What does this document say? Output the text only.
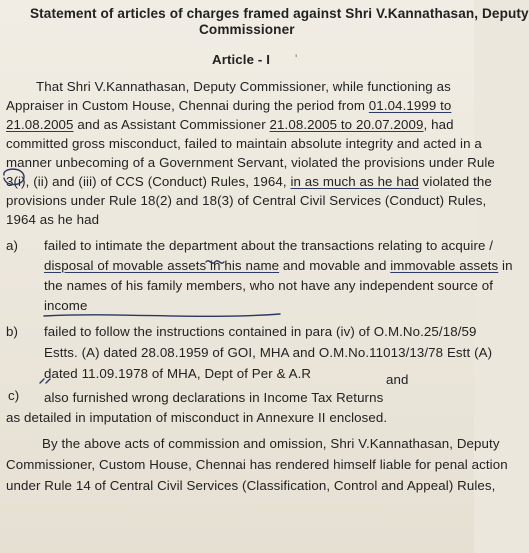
Statement of articles of charges framed against Shri V.Kannathasan, Deputy
Commissioner
Article - I '
That Shri V.Kannathasan, Deputy Commissioner, while functioning as
Appraiser in Custom House, Chennai during the period from 01.04.1999 to
21.08.2005 and as Assistant Commissioner 21.08.2005 to 20.07.2009, had
committed gross misconduct, failed to maintain absolute integrity and acted in a
manner unbecoming of a Government Servant, violated the provisions under Rule
3(i), (ii) and (iii) of CCS (Conduct) Rules, 1964, in as much as he had violated the
provisions under Rule 18(2) and 18(3) of Central Civil Services (Conduct) Rules,
1964 as he had
a) failed to intimate the department about the transactions relating to acquire /
disposal of movable assets in his name and movable and immovable assets in
the names of his family members, who not have any independent source of
income
b) failed to follow the instructions contained in para (iv) of O.M.No.25/18/59
Estts. (A) dated 28.08.1959 of GOI, MHA and O.M.No.11013/13/78 Estt (A)
dated 11.09.1978 of MHA, Dept of Per & A.R	and
c) also furnished wrong declarations in Income Tax Returns
as detailed in imputation of misconduct in Annexure II enclosed.
By the above acts of commission and omission, Shri V.Kannathasan, Deputy
Commissioner, Custom House, Chennai has rendered himself liable for penal action
under Rule 14 of Central Civil Services (Classification, Control and Appeal) Rules,
